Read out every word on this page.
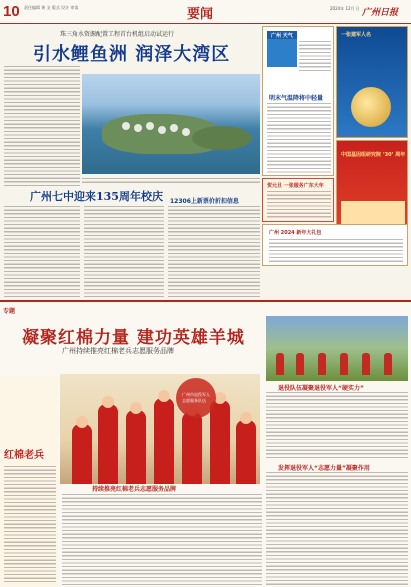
10 责任编辑 黄 圣 版式 设计 审读	要闻	2024年 12月 日 广州日报
珠三角水资源配置工程首台机组启动试运行
引水鲤鱼洲 润泽大湾区
广州七中迎来135周年校庆 12306上新票价折扣信息
广州 天气
明末气温降将中轻量
一张建军人名
贺元旦 一张服务广东大年
中国基因组研究院 ‘30’ 周年
广州 2024 新年大礼包
专题
凝聚红棉力量 建功英雄羊城
广州持续推亮红棉老兵志愿服务品牌
红棉老兵
广州市退役军人志愿服务队伍
持续推亮红棉老兵志愿服务品牌
退役队伍凝聚退役军人“硬实力”
发挥退役军人“志愿力量”凝聚作用
